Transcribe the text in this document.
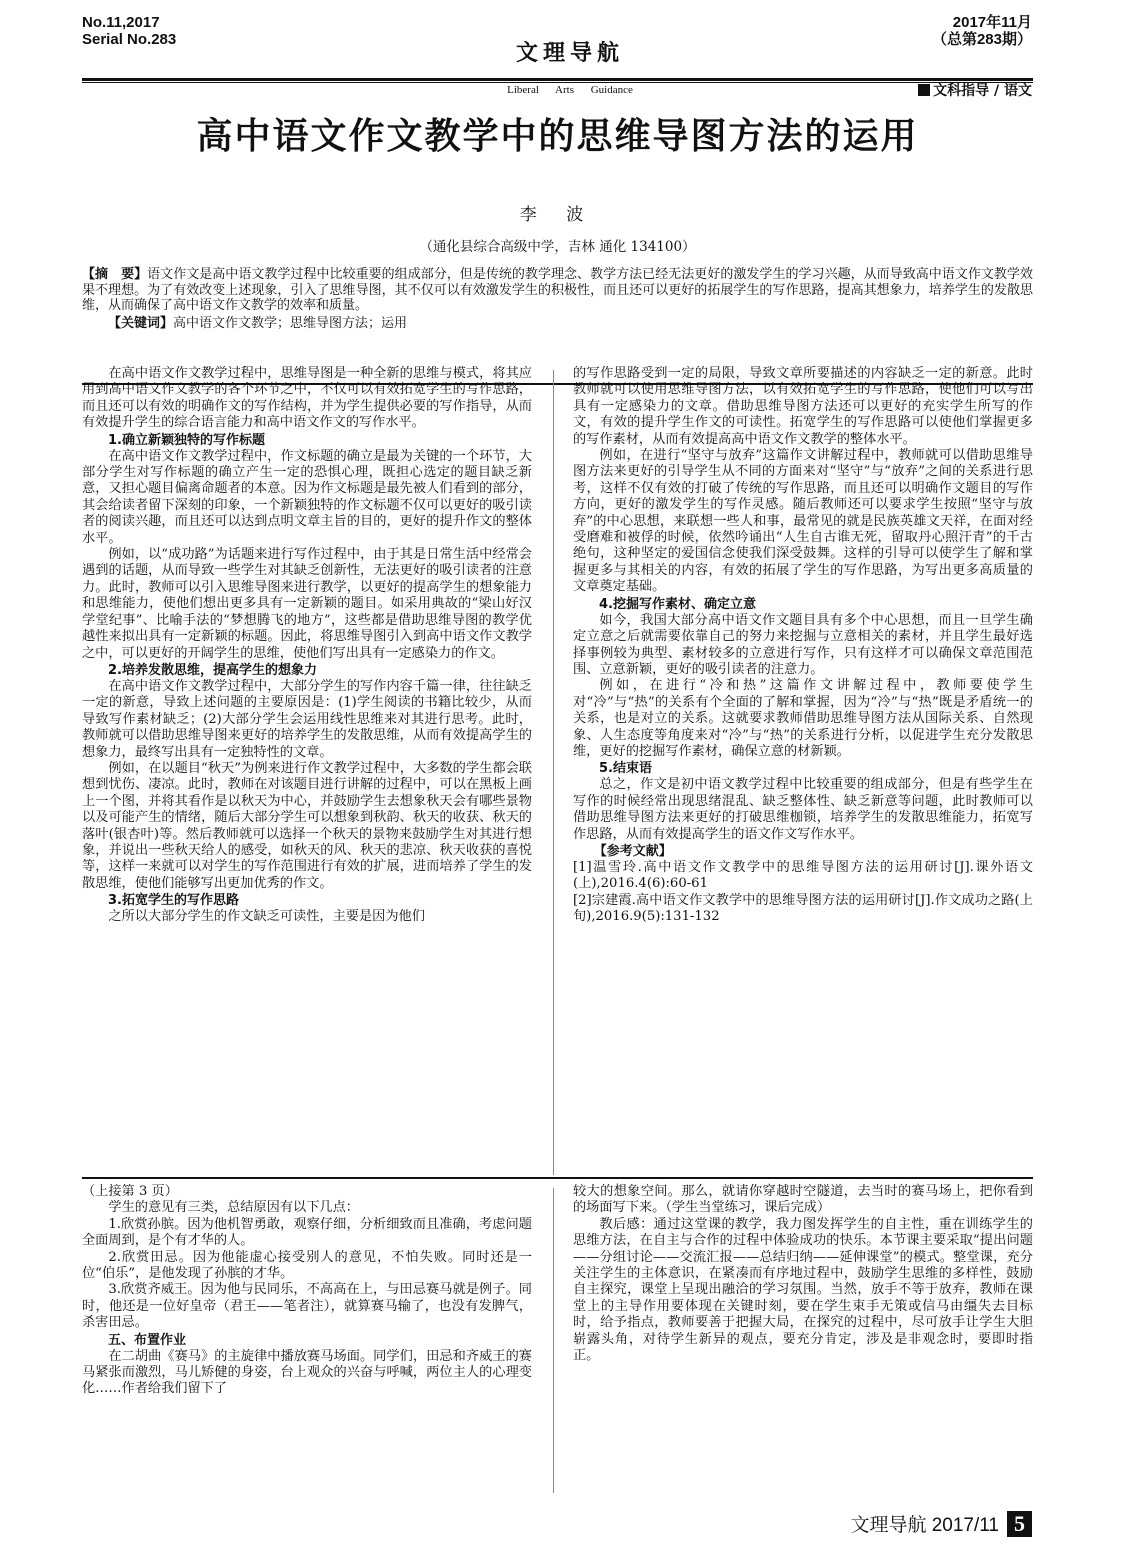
No.11,2017
Serial No.283
文理导航
Liberal Arts Guidance
2017年11月
（总第283期）
文科指导 / 语文
高中语文作文教学中的思维导图方法的运用
李 波
（通化县综合高级中学，吉林 通化 134100）

【摘　要】语文作文是高中语文教学过程中比较重要的组成部分，但是传统的教学理念、教学方法已经无法更好的激发学生的学习兴趣，从而导致高中语文作文教学效果不理想。为了有效改变上述现象，引入了思维导图，其不仅可以有效激发学生的积极性，而且还可以更好的拓展学生的写作思路，提高其想象力，培养学生的发散思维，从而确保了高中语文作文教学的效率和质量。

【关键词】高中语文作文教学；思维导图方法；运用

在高中语文作文教学过程中，思维导图是一种全新的思维与模式，将其应用到高中语文作文教学的各个环节之中，不仅可以有效拓宽学生的写作思路，而且还可以有效的明确作文的写作结构，并为学生提供必要的写作指导，从而有效提升学生的综合语言能力和高中语文作文的写作水平。

1.确立新颖独特的写作标题

在高中语文作文教学过程中，作文标题的确立是最为关键的一个环节，大部分学生对写作标题的确立产生一定的恐惧心理，既担心选定的题目缺乏新意，又担心题目偏离命题者的本意。因为作文标题是最先被人们看到的部分，其会给读者留下深刻的印象，一个新颖独特的作文标题不仅可以更好的吸引读者的阅读兴趣，而且还可以达到点明文章主旨的目的，更好的提升作文的整体水平。

例如，以“成功路”为话题来进行写作过程中，由于其是日常生活中经常会遇到的话题，从而导致一些学生对其缺乏创新性，无法更好的吸引读者的注意力。此时，教师可以引入思维导图来进行教学，以更好的提高学生的想象能力和思维能力，使他们想出更多具有一定新颖的题目。如采用典故的“梁山好汉学堂纪事”、比喻手法的“梦想腾飞的地方”，这些都是借助思维导图的教学优越性来拟出具有一定新颖的标题。因此，将思维导图引入到高中语文作文教学之中，可以更好的开阔学生的思维，使他们写出具有一定感染力的作文。

2.培养发散思维，提高学生的想象力

在高中语文作文教学过程中，大部分学生的写作内容千篇一律，往往缺乏一定的新意，导致上述问题的主要原因是：(1)学生阅读的书籍比较少，从而导致写作素材缺乏；(2)大部分学生会运用线性思维来对其进行思考。此时，教师就可以借助思维导图来更好的培养学生的发散思维，从而有效提高学生的想象力，最终写出具有一定独特性的文章。

例如，在以题目“秋天”为例来进行作文教学过程中，大多数的学生都会联想到忧伤、凄凉。此时，教师在对该题目进行讲解的过程中，可以在黑板上画上一个图，并将其看作是以秋天为中心，并鼓励学生去想象秋天会有哪些景物以及可能产生的情绪，随后大部分学生可以想象到秋韵、秋天的收获、秋天的落叶(银杏叶)等。然后教师就可以选择一个秋天的景物来鼓励学生对其进行想象，并说出一些秋天给人的感受，如秋天的风、秋天的悲凉、秋天收获的喜悦等，这样一来就可以对学生的写作范围进行有效的扩展，进而培养了学生的发散思维，使他们能够写出更加优秀的作文。

3.拓宽学生的写作思路

之所以大部分学生的作文缺乏可读性，主要是因为他们

的写作思路受到一定的局限，导致文章所要描述的内容缺乏一定的新意。此时教师就可以使用思维导图方法，以有效拓宽学生的写作思路，使他们可以写出具有一定感染力的文章。借助思维导图方法还可以更好的充实学生所写的作文，有效的提升学生作文的可读性。拓宽学生的写作思路可以使他们掌握更多的写作素材，从而有效提高高中语文作文教学的整体水平。

例如，在进行“坚守与放弃”这篇作文讲解过程中，教师就可以借助思维导图方法来更好的引导学生从不同的方面来对“坚守”与“放弃”之间的关系进行思考，这样不仅有效的打破了传统的写作思路，而且还可以明确作文题目的写作方向，更好的激发学生的写作灵感。随后教师还可以要求学生按照“坚守与放弃”的中心思想，来联想一些人和事，最常见的就是民族英雄文天祥，在面对经受磨难和被俘的时候，依然吟诵出“人生自古谁无死，留取丹心照汗青”的千古绝句，这种坚定的爱国信念使我们深受鼓舞。这样的引导可以使学生了解和掌握更多与其相关的内容，有效的拓展了学生的写作思路，为写出更多高质量的文章奠定基础。

4.挖掘写作素材、确定立意

如今，我国大部分高中语文作文题目具有多个中心思想，而且一旦学生确定立意之后就需要依靠自己的努力来挖掘与立意相关的素材，并且学生最好选择事例较为典型、素材较多的立意进行写作，只有这样才可以确保文章范围范围、立意新颖，更好的吸引读者的注意力。

例如，在进行“冷和热”这篇作文讲解过程中，教师要使学生对“冷”与“热”的关系有个全面的了解和掌握，因为“冷”与“热”既是矛盾统一的关系，也是对立的关系。这就要求教师借助思维导图方法从国际关系、自然现象、人生态度等角度来对“冷”与“热”的关系进行分析，以促进学生充分发散思维，更好的挖掘写作素材，确保立意的材新颖。

5.结束语

总之，作文是初中语文教学过程中比较重要的组成部分，但是有些学生在写作的时候经常出现思绪混乱、缺乏整体性、缺乏新意等问题，此时教师可以借助思维导图方法来更好的打破思维枷锁，培养学生的发散思维能力，拓宽写作思路，从而有效提高学生的语文作文写作水平。

【参考文献】

[1]温雪玲.高中语文作文教学中的思维导图方法的运用研讨[J].课外语文(上),2016.4(6):60-61

[2]宗建霞.高中语文作文教学中的思维导图方法的运用研讨[J].作文成功之路(上旬),2016.9(5):131-132

（上接第 3 页）

学生的意见有三类，总结原因有以下几点：

1.欣赏孙膑。因为他机智勇敢，观察仔细，分析细致而且准确，考虑问题全面周到，是个有才华的人。

2.欣赏田忌。因为他能虚心接受别人的意见，不怕失败。同时还是一位“伯乐”，是他发现了孙膑的才华。

3.欣赏齐威王。因为他与民同乐，不高高在上，与田忌赛马就是例子。同时，他还是一位好皇帝（君王——笔者注），就算赛马输了，也没有发脾气，杀害田忌。

五、布置作业

在二胡曲《赛马》的主旋律中播放赛马场面。同学们，田忌和齐威王的赛马紧张而激烈，马儿矫健的身姿，台上观众的兴奋与呼喊，两位主人的心理变化……作者给我们留下了

较大的想象空间。那么，就请你穿越时空隧道，去当时的赛马场上，把你看到的场面写下来。（学生当堂练习，课后完成）

教后感：通过这堂课的教学，我力图发挥学生的自主性，重在训练学生的思维方法，在自主与合作的过程中体验成功的快乐。本节课主要采取“提出问题——分组讨论——交流汇报——总结归纳——延伸课堂”的模式。整堂课，充分关注学生的主体意识，在紧凑而有序地过程中，鼓励学生思维的多样性，鼓励自主探究，课堂上呈现出融洽的学习氛围。当然，放手不等于放弃，教师在课堂上的主导作用要体现在关键时刻，要在学生束手无策或信马由缰失去目标时，给予指点，教师要善于把握大局，在探究的过程中，尽可放手让学生大胆崭露头角，对待学生新异的观点，要充分肯定，涉及是非观念时，要即时指正。

文理导航 2017/11 5
